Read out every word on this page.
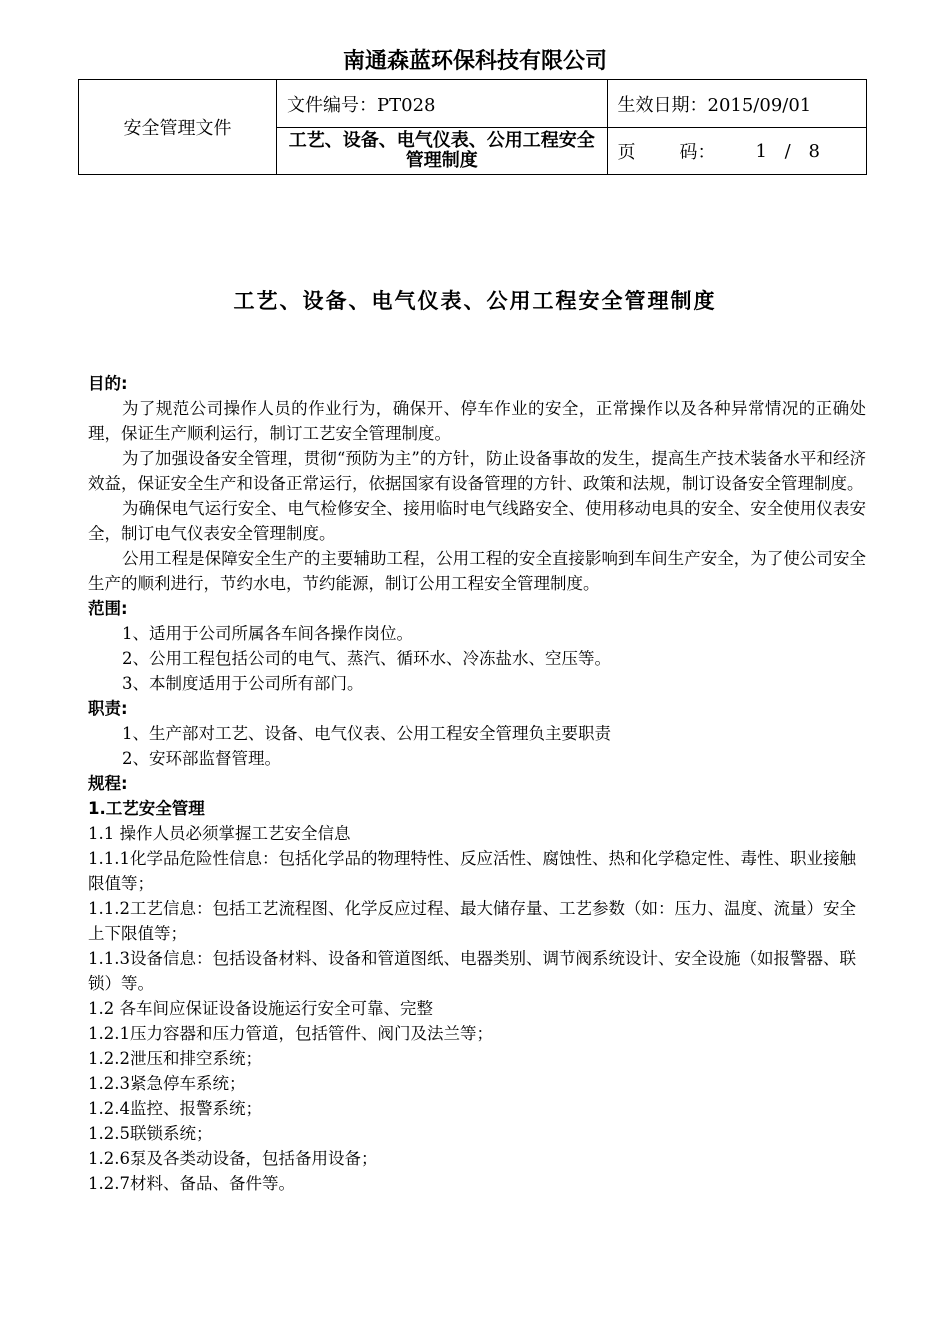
南通森蓝环保科技有限公司
安全管理文件	文件编号：PT028	生效日期：2015/09/01
	工艺、设备、电气仪表、公用工程安全管理制度	页 码： 1 / 8
工艺、设备、电气仪表、公用工程安全管理制度

目的:

为了规范公司操作人员的作业行为，确保开、停车作业的安全，正常操作以及各种异常情况的正确处理，保证生产顺利运行，制订工艺安全管理制度。

为了加强设备安全管理，贯彻“预防为主”的方针，防止设备事故的发生，提高生产技术装备水平和经济效益，保证安全生产和设备正常运行，依据国家有设备管理的方针、政策和法规，制订设备安全管理制度。

为确保电气运行安全、电气检修安全、接用临时电气线路安全、使用移动电具的安全、安全使用仪表安全，制订电气仪表安全管理制度。

公用工程是保障安全生产的主要辅助工程，公用工程的安全直接影响到车间生产安全，为了使公司安全生产的顺利进行，节约水电，节约能源，制订公用工程安全管理制度。

范围:

1、适用于公司所属各车间各操作岗位。

2、公用工程包括公司的电气、蒸汽、循环水、冷冻盐水、空压等。

3、本制度适用于公司所有部门。

职责:

1、生产部对工艺、设备、电气仪表、公用工程安全管理负主要职责

2、安环部监督管理。

规程:

1.工艺安全管理

1.1 操作人员必须掌握工艺安全信息

1.1.1化学品危险性信息：包括化学品的物理特性、反应活性、腐蚀性、热和化学稳定性、毒性、职业接触限值等；

1.1.2工艺信息：包括工艺流程图、化学反应过程、最大储存量、工艺参数（如：压力、温度、流量）安全上下限值等；

1.1.3设备信息：包括设备材料、设备和管道图纸、电器类别、调节阀系统设计、安全设施（如报警器、联锁）等。

1.2 各车间应保证设备设施运行安全可靠、完整

1.2.1压力容器和压力管道，包括管件、阀门及法兰等；

1.2.2泄压和排空系统；

1.2.3紧急停车系统；

1.2.4监控、报警系统；

1.2.5联锁系统；

1.2.6泵及各类动设备，包括备用设备；

1.2.7材料、备品、备件等。
